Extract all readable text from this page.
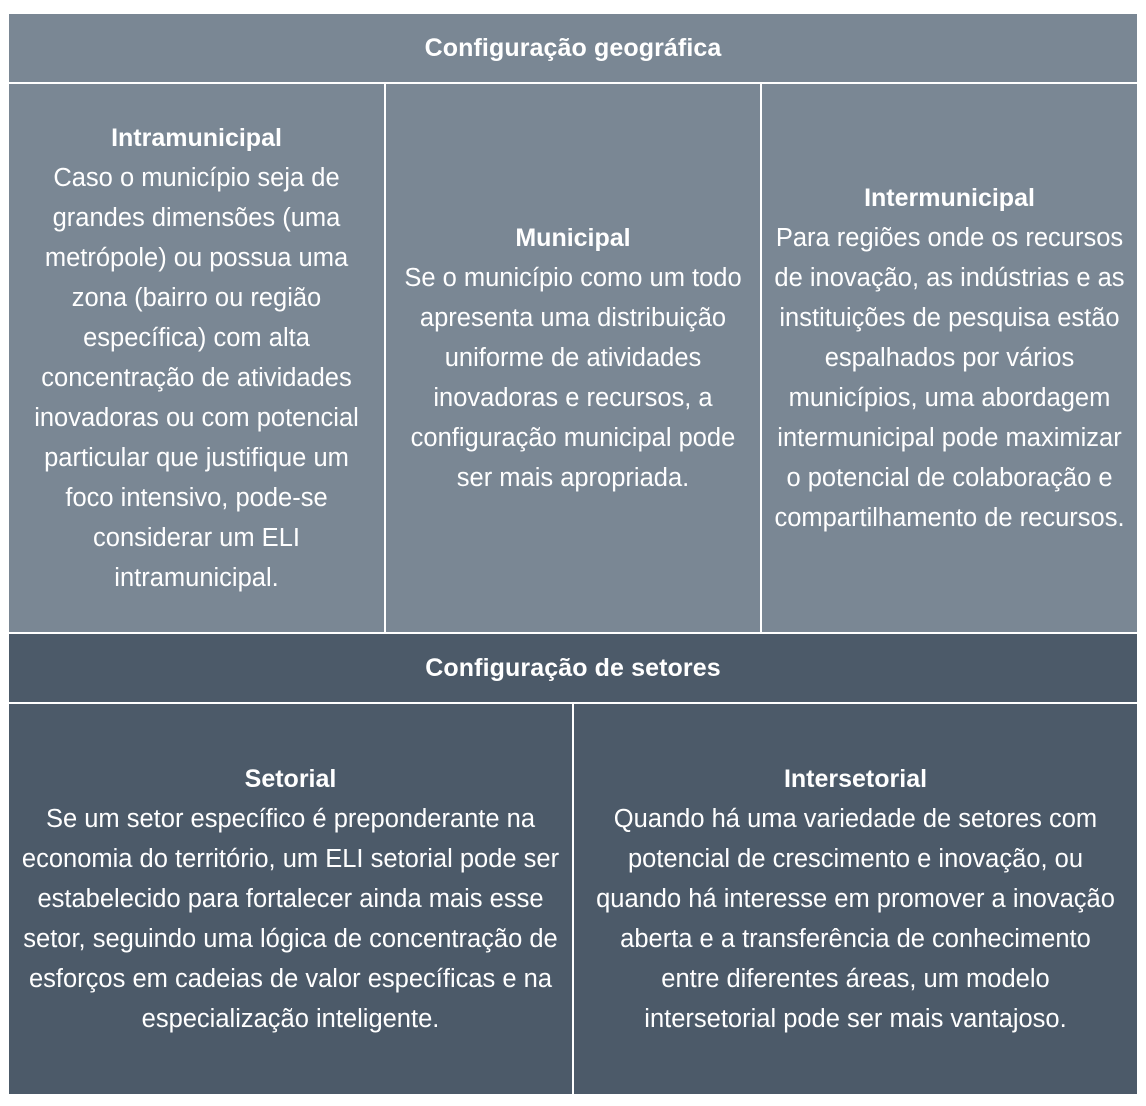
Configuração geográfica
Intramunicipal
Caso o município seja de grandes dimensões (uma metrópole) ou possua uma zona (bairro ou região específica) com alta concentração de atividades inovadoras ou com potencial particular que justifique um foco intensivo, pode-se considerar um ELI intramunicipal.
Municipal
Se o município como um todo apresenta uma distribuição uniforme de atividades inovadoras e recursos, a configuração municipal pode ser mais apropriada.
Intermunicipal
Para regiões onde os recursos de inovação, as indústrias e as instituições de pesquisa estão espalhados por vários municípios, uma abordagem intermunicipal pode maximizar o potencial de colaboração e compartilhamento de recursos.
Configuração de setores
Setorial
Se um setor específico é preponderante na economia do território, um ELI setorial pode ser estabelecido para fortalecer ainda mais esse setor, seguindo uma lógica de concentração de esforços em cadeias de valor específicas e na especialização inteligente.
Intersetorial
Quando há uma variedade de setores com potencial de crescimento e inovação, ou quando há interesse em promover a inovação aberta e a transferência de conhecimento entre diferentes áreas, um modelo intersetorial pode ser mais vantajoso.
